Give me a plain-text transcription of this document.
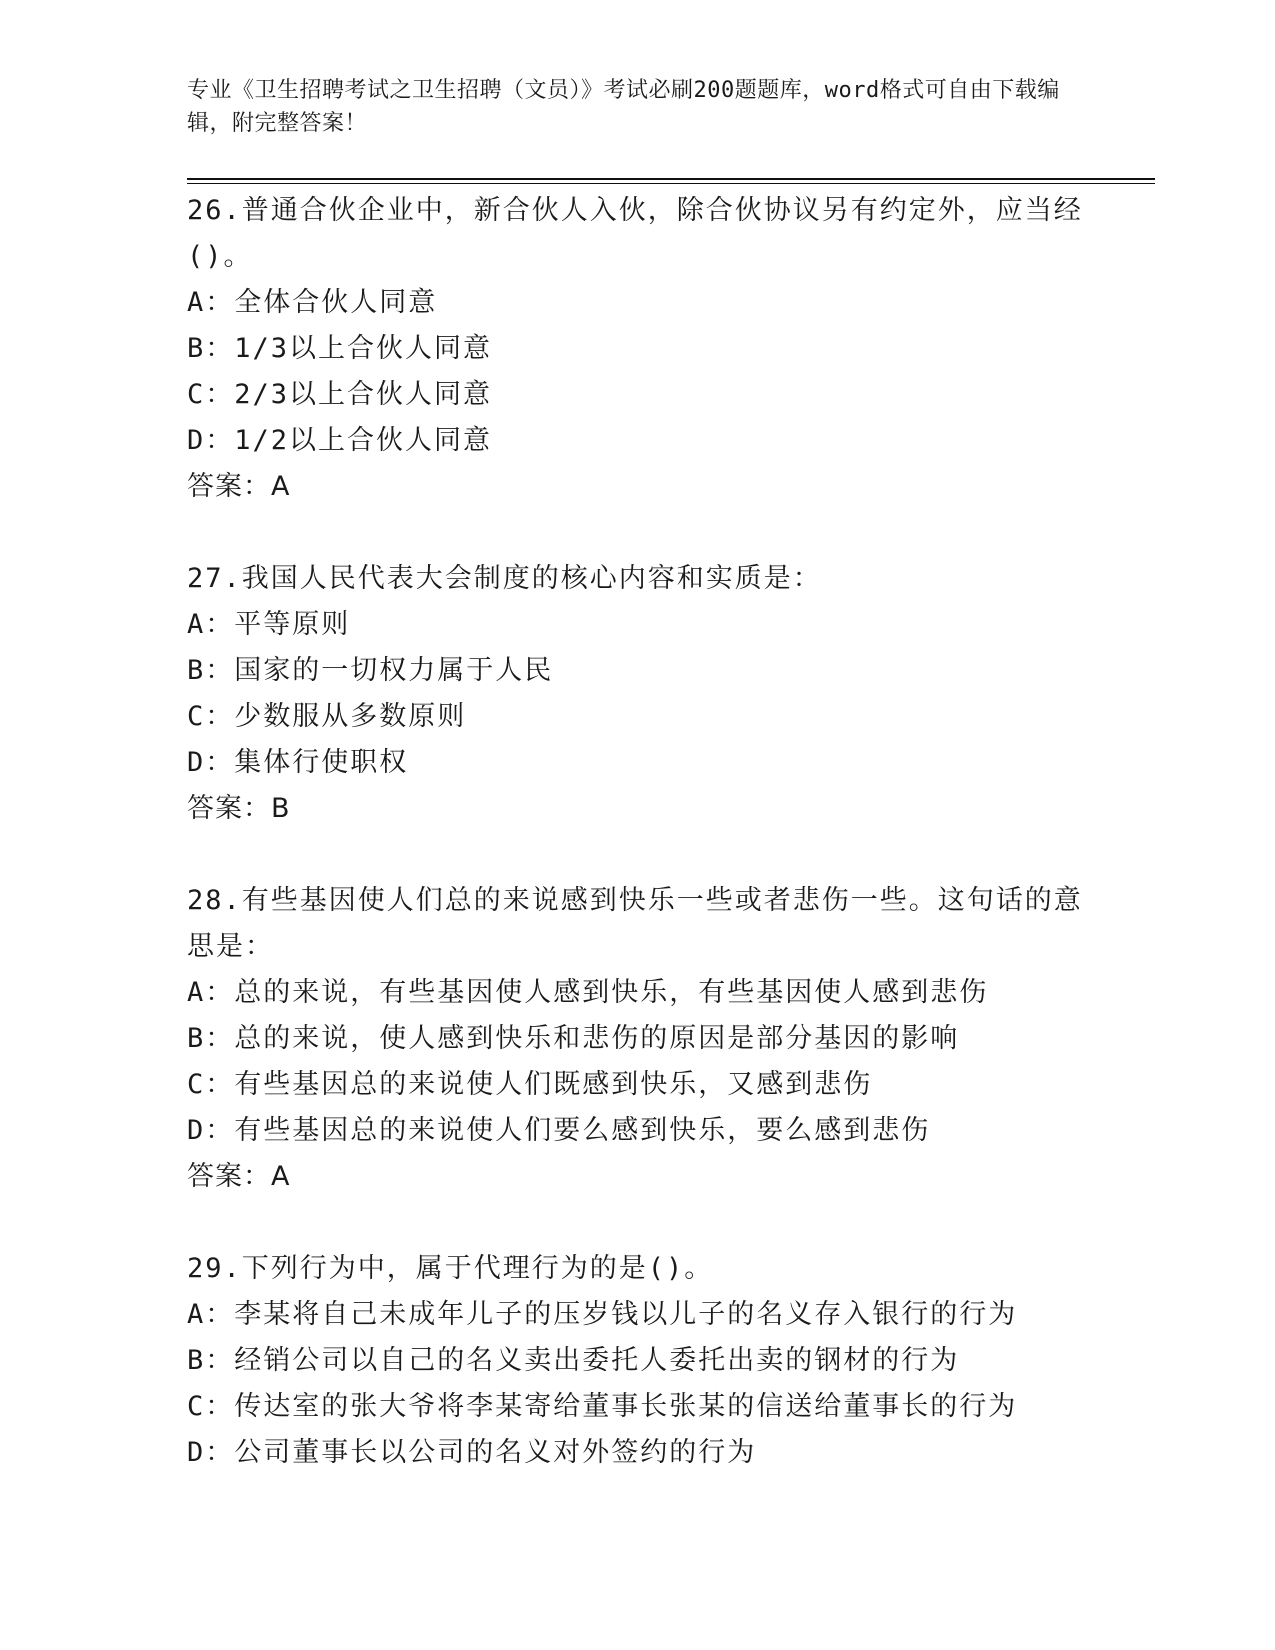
专业《卫生招聘考试之卫生招聘（文员）》考试必刷200题题库，word格式可自由下载编辑，附完整答案！

26.普通合伙企业中，新合伙人入伙，除合伙协议另有约定外，应当经()。

A：全体合伙人同意

B：1/3以上合伙人同意

C：2/3以上合伙人同意

D：1/2以上合伙人同意

答案：A

27.我国人民代表大会制度的核心内容和实质是：

A：平等原则

B：国家的一切权力属于人民

C：少数服从多数原则

D：集体行使职权

答案：B

28.有些基因使人们总的来说感到快乐一些或者悲伤一些。这句话的意思是：

A：总的来说，有些基因使人感到快乐，有些基因使人感到悲伤

B：总的来说，使人感到快乐和悲伤的原因是部分基因的影响

C：有些基因总的来说使人们既感到快乐，又感到悲伤

D：有些基因总的来说使人们要么感到快乐，要么感到悲伤

答案：A

29.下列行为中，属于代理行为的是()。

A：李某将自己未成年儿子的压岁钱以儿子的名义存入银行的行为

B：经销公司以自己的名义卖出委托人委托出卖的钢材的行为

C：传达室的张大爷将李某寄给董事长张某的信送给董事长的行为

D：公司董事长以公司的名义对外签约的行为
